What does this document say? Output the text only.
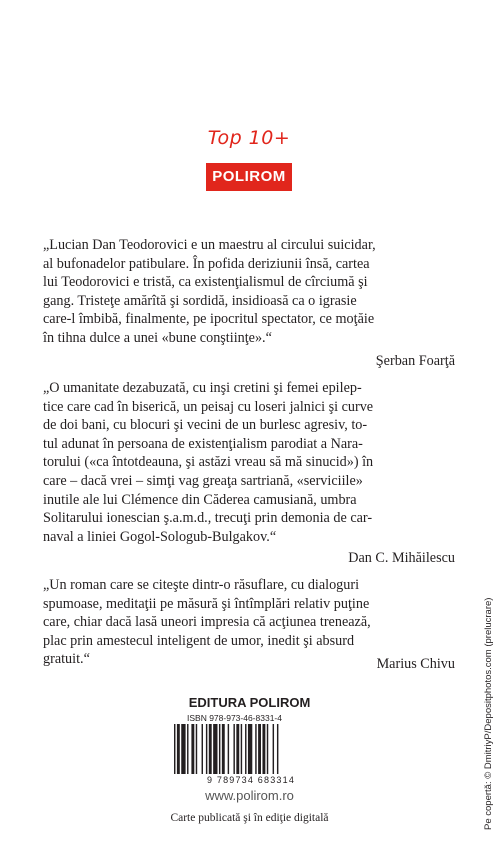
Top 10+
POLIROM
„Lucian Dan Teodorovici e un maestru al circului suicidar,
al bufonadelor patibulare. În pofida deriziunii însă, cartea
lui Teodorovici e tristă, ca existenţialismul de cîrciumă şi
gang. Tristeţe amărîtă şi sordidă, insidioasă ca o igrasie
care-l îmbibă, finalmente, pe ipocritul spectator, ce moţăie
în tihna dulce a unei «bune conştiinţe».“
Şerban Foarţă
„O umanitate dezabuzată, cu inşi cretini şi femei epilep-
tice care cad în biserică, un peisaj cu loseri jalnici şi curve
de doi bani, cu blocuri şi vecini de un burlesc agresiv, to-
tul adunat în persoana de existenţialism parodiat a Nara-
torului («ca întotdeauna, şi astăzi vreau să mă sinucid») în
care – dacă vrei – simţi vag greaţa sartriană, «serviciile»
inutile ale lui Clémence din Căderea camusiană, umbra
Solitarului ionescian ş.a.m.d., trecuţi prin demonia de car-
naval a liniei Gogol-Sologub-Bulgakov.“
Dan C. Mihăilescu
„Un roman care se citeşte dintr-o răsuflare, cu dialoguri
spumoase, meditaţii pe măsură şi întîmplări relativ puţine
care, chiar dacă lasă uneori impresia că acţiunea trenează,
plac prin amestecul inteligent de umor, inedit şi absurd
gratuit.“	Marius Chivu
EDITURA POLIROM
ISBN 978-973-46-8331-4
9 789734 683314
www.polirom.ro
Carte publicată şi în ediţie digitală	Pe copertă: © DmitriyP/Depositphotos.com (prelucrare)
